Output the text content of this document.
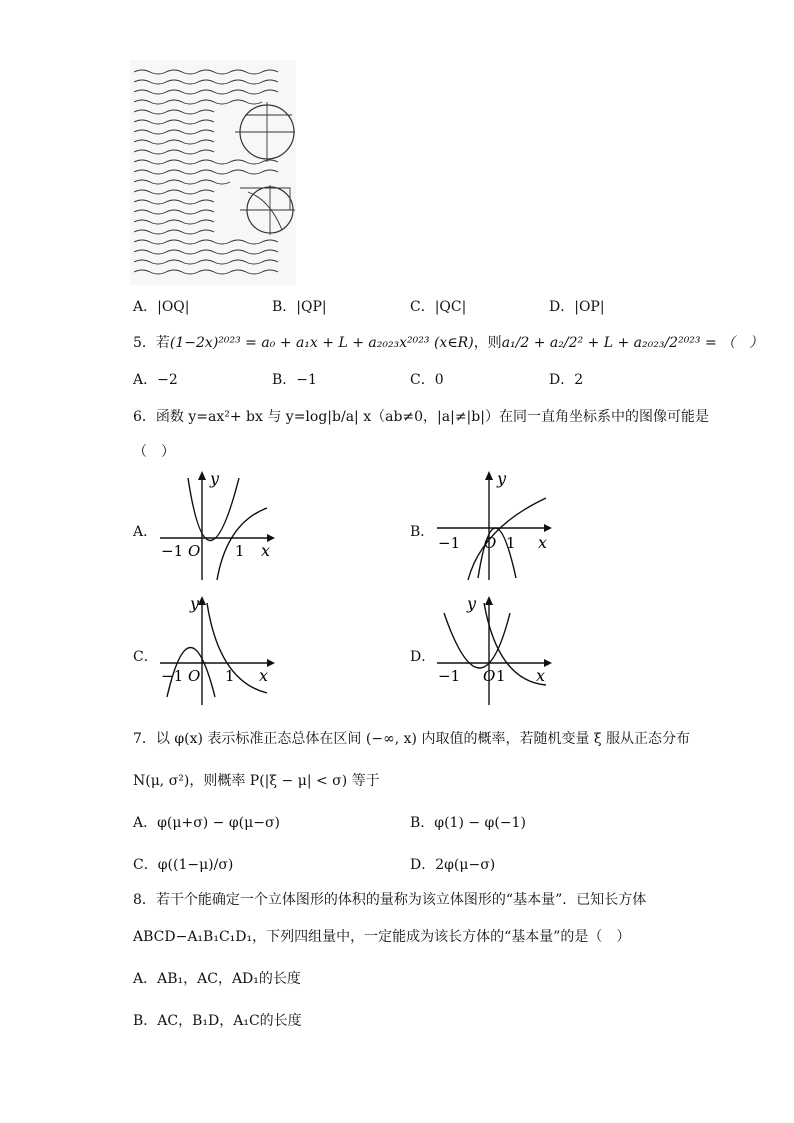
A．|OQ|	B．|QP|	C．|QC|	D．|OP|
5．若(1−2x)²⁰²³ = a₀ + a₁x + L + a₂₀₂₃x²⁰²³ (x∈R)，则a₁/2 + a₂/2² + L + a₂₀₂₃/2²⁰²³ = （　）
A．−2	B．−1	C．0	D．2
6．函数 y=ax²+ bx 与 y=log|b/a| x（ab≠0，|a|≠|b|）在同一直角坐标系中的图像可能是
（　）
A．
y
−1 O 1 x
B．
y
−1 O 1 x
C．
y
−1 O 1 x
D．
y
−1 O 1 x
7．以 φ(x) 表示标准正态总体在区间 (−∞, x) 内取值的概率，若随机变量 ξ 服从正态分布
N(μ, σ²)，则概率 P(|ξ − μ| < σ) 等于
A．φ(μ+σ) − φ(μ−σ)	B．φ(1) − φ(−1)
C．φ((1−μ)/σ)	D．2φ(μ−σ)
8．若干个能确定一个立体图形的体积的量称为该立体图形的“基本量”．已知长方体
ABCD−A₁B₁C₁D₁，下列四组量中，一定能成为该长方体的“基本量”的是（　）
A．AB₁，AC，AD₁的长度
B．AC，B₁D，A₁C的长度
